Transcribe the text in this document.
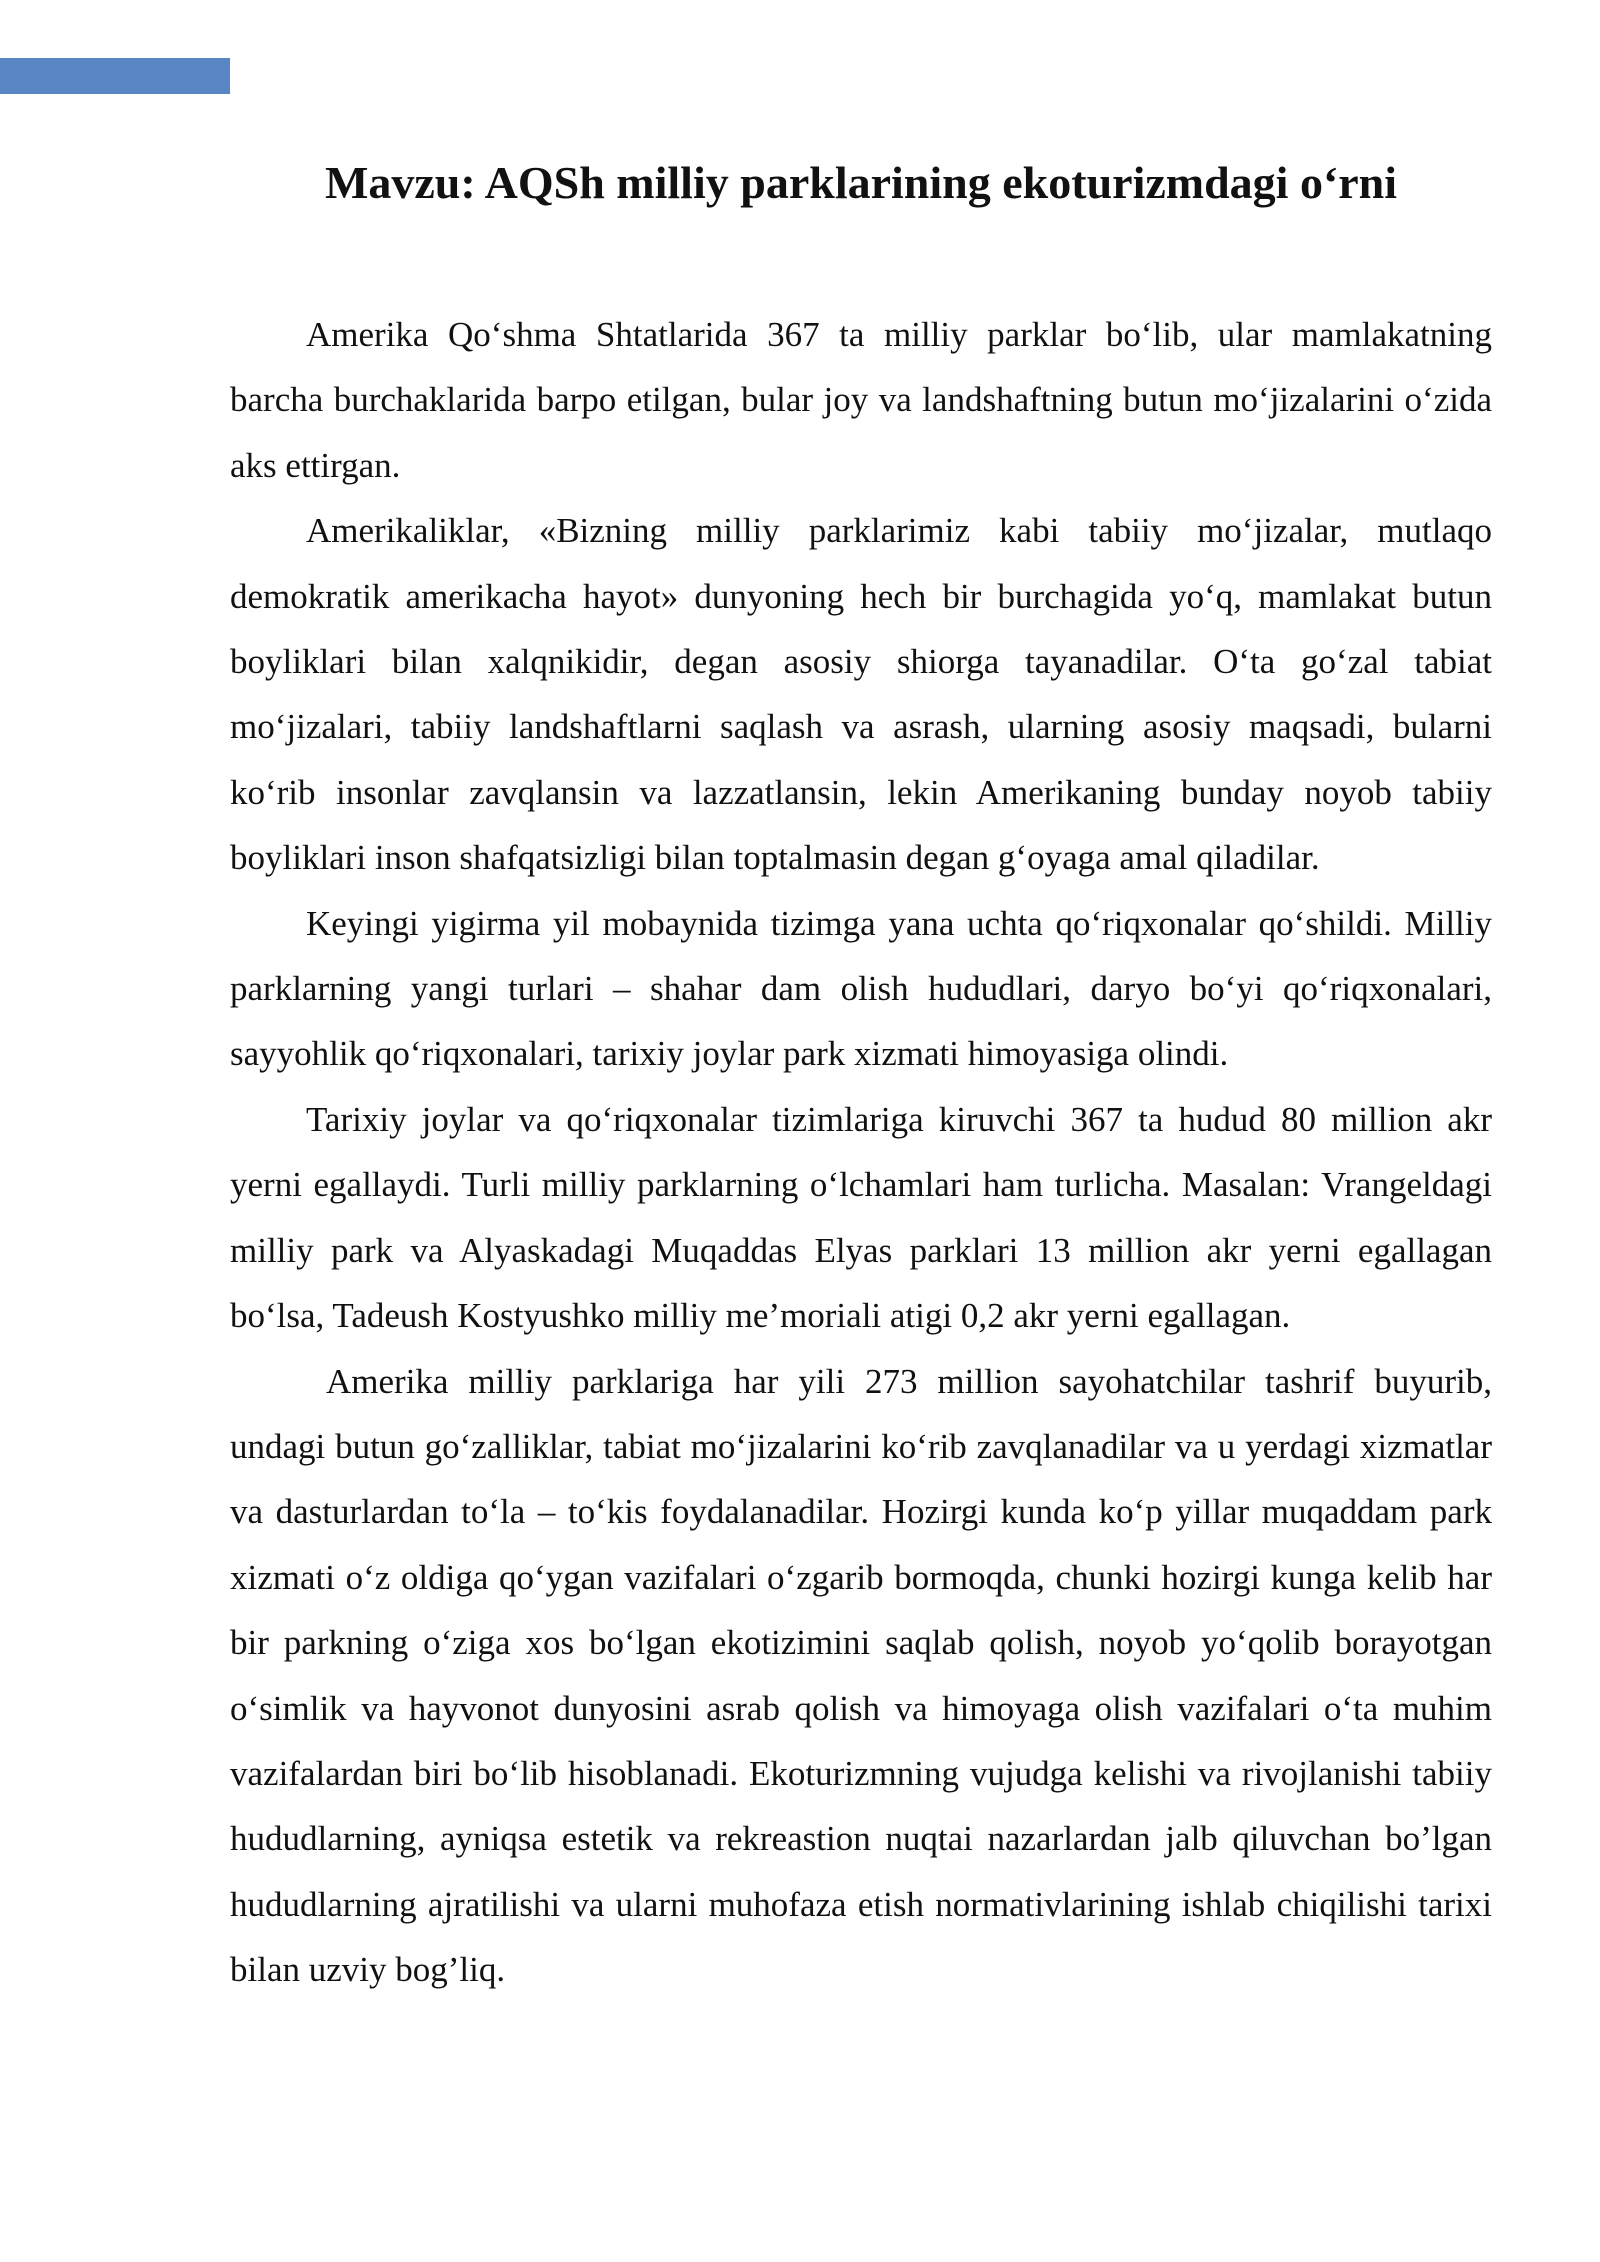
Mavzu: AQSh milliy parklarining ekoturizmdagi o‘rni

Amerika Qo‘shma Shtatlarida 367 ta milliy parklar bo‘lib, ular mamlakatning barcha burchaklarida barpo etilgan, bular joy va landshaftning butun mo‘jizalarini o‘zida aks ettirgan.

Amerikaliklar, «Bizning milliy parklarimiz kabi tabiiy mo‘jizalar, mutlaqo demokratik amerikacha hayot» dunyoning hech bir burchagida yo‘q, mamlakat butun boyliklari bilan xalqnikidir, degan asosiy shiorga tayanadilar. O‘ta go‘zal tabiat mo‘jizalari, tabiiy landshaftlarni saqlash va asrash, ularning asosiy maqsadi, bularni ko‘rib insonlar zavqlansin va lazzatlansin, lekin Amerikaning bunday noyob tabiiy boyliklari inson shafqatsizligi bilan toptalmasin degan g‘oyaga amal qiladilar.

Keyingi yigirma yil mobaynida tizimga yana uchta qo‘riqxonalar qo‘shildi. Milliy parklarning yangi turlari – shahar dam olish hududlari, daryo bo‘yi qo‘riqxonalari, sayyohlik qo‘riqxonalari, tarixiy joylar park xizmati himoyasiga olindi.

Tarixiy joylar va qo‘riqxonalar tizimlariga kiruvchi 367 ta hudud 80 million akr yerni egallaydi. Turli milliy parklarning o‘lchamlari ham turlicha. Masalan: Vrangeldagi milliy park va Alyaskadagi Muqaddas Elyas parklari 13 million akr yerni egallagan bo‘lsa, Tadeush Kostyushko milliy me’moriali atigi 0,2 akr yerni egallagan.

Amerika milliy parklariga har yili 273 million sayohatchilar tashrif buyurib, undagi butun go‘zalliklar, tabiat mo‘jizalarini ko‘rib zavqlanadilar va u yerdagi xizmatlar va dasturlardan to‘la – to‘kis foydalanadilar. Hozirgi kunda ko‘p yillar muqaddam park xizmati o‘z oldiga qo‘ygan vazifalari o‘zgarib bormoqda, chunki hozirgi kunga kelib har bir parkning o‘ziga xos bo‘lgan ekotizimini saqlab qolish, noyob yo‘qolib borayotgan o‘simlik va hayvonot dunyosini asrab qolish va himoyaga olish vazifalari o‘ta muhim vazifalardan biri bo‘lib hisoblanadi. Ekoturizmning vujudga kelishi va rivojlanishi tabiiy hududlarning, ayniqsa estetik va rekreastion nuqtai nazarlardan jalb qiluvchan bo’lgan hududlarning ajratilishi va ularni muhofaza etish normativlarining ishlab chiqilishi tarixi bilan uzviy bog’liq.
